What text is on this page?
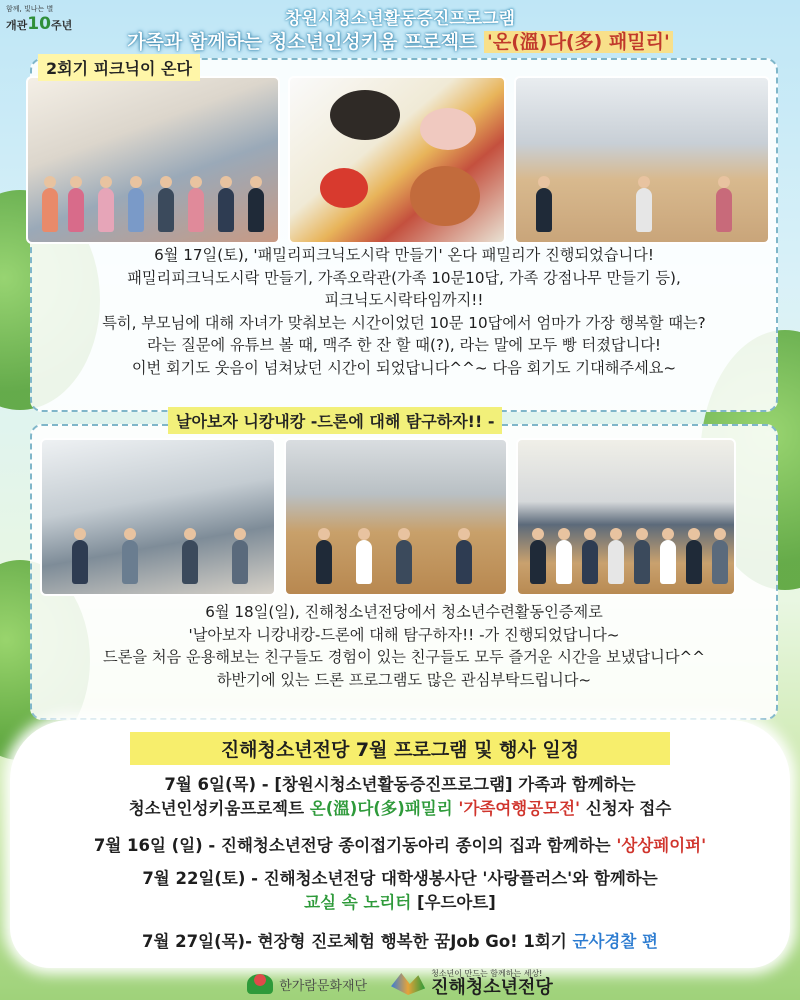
함께, 빛나는 별
개관10주년	창원시청소년활동증진프로그램
가족과 함께하는 청소년인성키움 프로젝트 '온(溫)다(多) 패밀리'
2회기 피크닉이 온다
6월 17일(토), '패밀리피크닉도시락 만들기' 온다 패밀리가 진행되었습니다!
패밀리피크닉도시락 만들기, 가족오락관(가족 10문10답, 가족 강점나무 만들기 등),
피크닉도시락타임까지!!
특히, 부모님에 대해 자녀가 맞춰보는 시간이었던 10문 10답에서 엄마가 가장 행복할 때는?
라는 질문에 유튜브 볼 때, 맥주 한 잔 할 때(?), 라는 말에 모두 빵 터졌답니다!
이번 회기도 웃음이 넘쳐났던 시간이 되었답니다^^~ 다음 회기도 기대해주세요~
날아보자 니캉내캉 -드론에 대해 탐구하자!! -
6월 18일(일), 진해청소년전당에서 청소년수련활동인증제로
'날아보자 니캉내캉-드론에 대해 탐구하자!! -가 진행되었답니다~
드론을 처음 운용해보는 친구들도 경험이 있는 친구들도 모두 즐거운 시간을 보냈답니다^^
하반기에 있는 드론 프로그램도 많은 관심부탁드립니다~
진해청소년전당 7월 프로그램 및 행사 일정
7월 6일(목) - [창원시청소년활동증진프로그램] 가족과 함께하는
청소년인성키움프로젝트 온(溫)다(多)패밀리 '가족여행공모전' 신청자 접수
7월 16일 (일) - 진해청소년전당 종이접기동아리 종이의 집과 함께하는 '상상페이퍼'
7월 22일(토) - 진해청소년전당 대학생봉사단 '사랑플러스'와 함께하는
교실 속 노리터 [우드아트]
7월 27일(목)- 현장형 진로체험 행복한 꿈Job Go! 1회기 군사경찰 편
한가람문화재단
청소년이 만드는 함께하는 세상!
진해청소년전당
